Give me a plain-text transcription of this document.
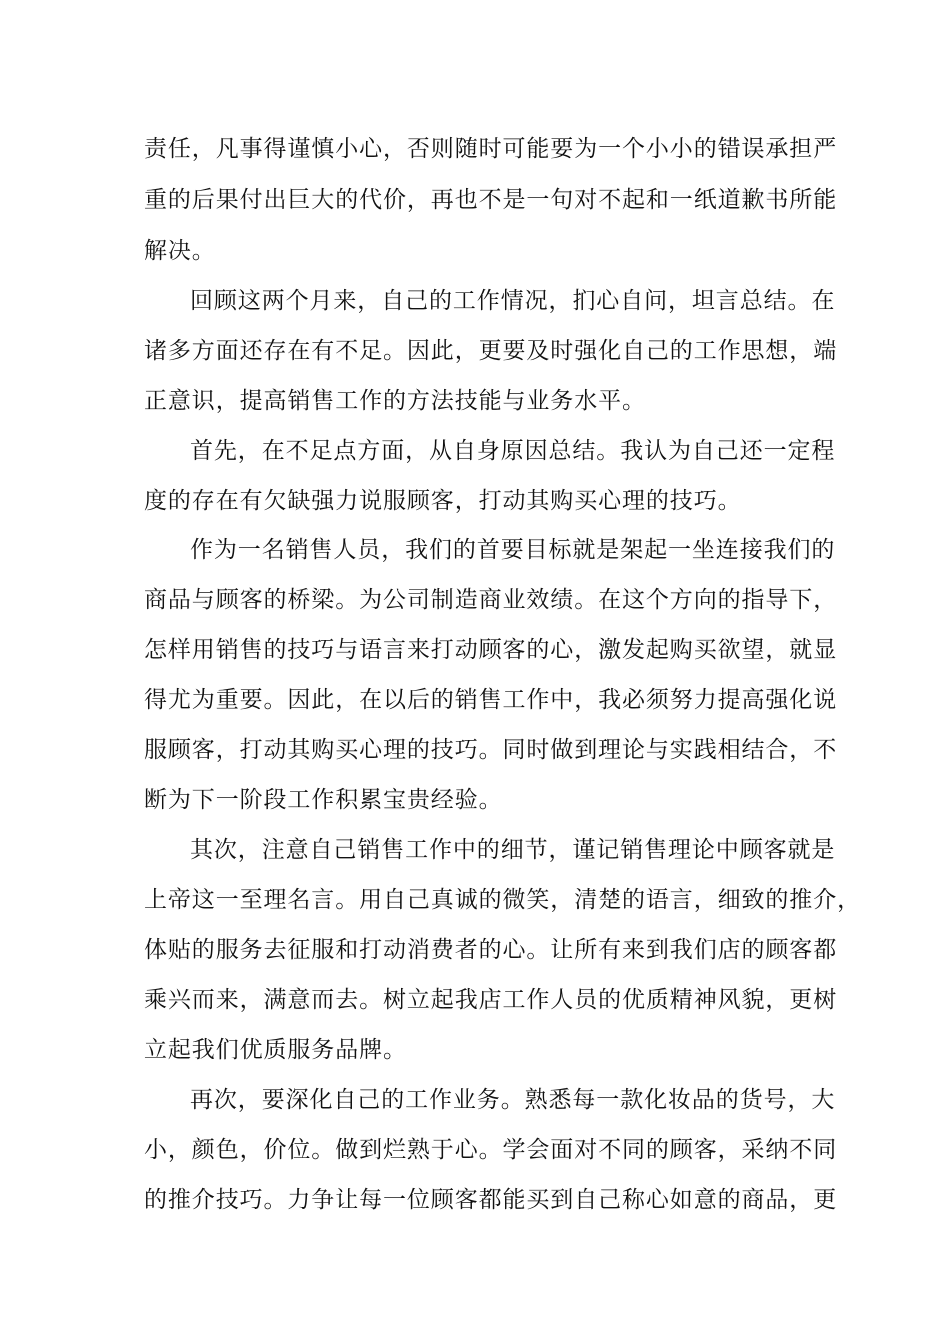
责任，凡事得谨慎小心，否则随时可能要为一个小小的错误承担严
重的后果付出巨大的代价，再也不是一句对不起和一纸道歉书所能
解决。
回顾这两个月来，自己的工作情况，扪心自问，坦言总结。在
诸多方面还存在有不足。因此，更要及时强化自己的工作思想，端
正意识，提高销售工作的方法技能与业务水平。
首先，在不足点方面，从自身原因总结。我认为自己还一定程
度的存在有欠缺强力说服顾客，打动其购买心理的技巧。
作为一名销售人员，我们的首要目标就是架起一坐连接我们的
商品与顾客的桥梁。为公司制造商业效绩。在这个方向的指导下，
怎样用销售的技巧与语言来打动顾客的心，激发起购买欲望，就显
得尤为重要。因此，在以后的销售工作中，我必须努力提高强化说
服顾客，打动其购买心理的技巧。同时做到理论与实践相结合，不
断为下一阶段工作积累宝贵经验。
其次，注意自己销售工作中的细节，谨记销售理论中顾客就是
上帝这一至理名言。用自己真诚的微笑，清楚的语言，细致的推介，
体贴的服务去征服和打动消费者的心。让所有来到我们店的顾客都
乘兴而来，满意而去。树立起我店工作人员的优质精神风貌，更树
立起我们优质服务品牌。
再次，要深化自己的工作业务。熟悉每一款化妆品的货号，大
小，颜色，价位。做到烂熟于心。学会面对不同的顾客，采纳不同
的推介技巧。力争让每一位顾客都能买到自己称心如意的商品，更
